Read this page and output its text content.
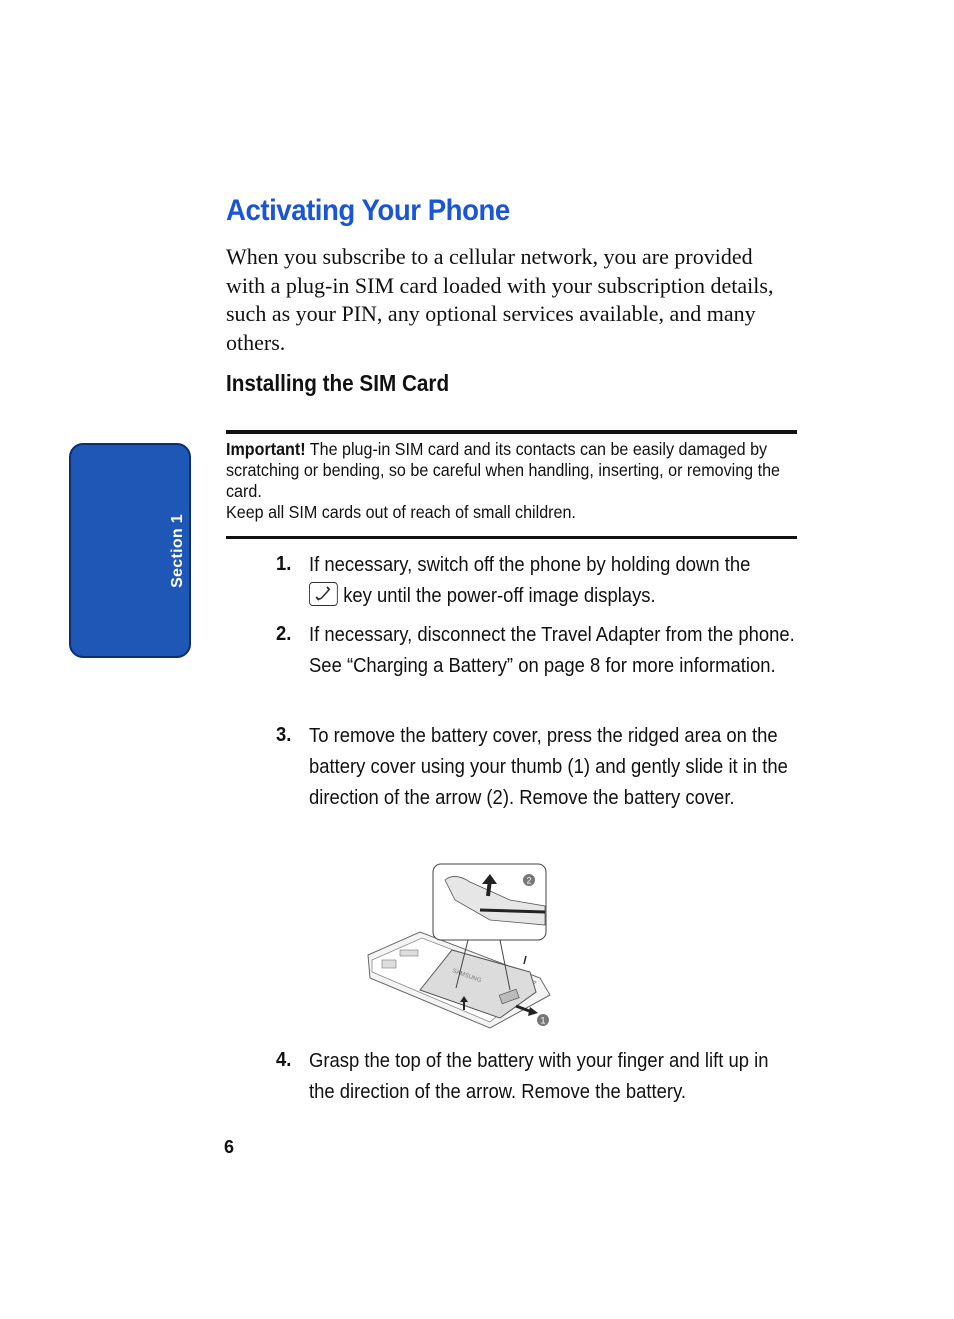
Section 1
Activating Your Phone

When you subscribe to a cellular network, you are provided with a plug-in SIM card loaded with your subscription details, such as your PIN, any optional services available, and many others.

Installing the SIM Card

Important! The plug-in SIM card and its contacts can be easily damaged by scratching or bending, so be careful when handling, inserting, or removing the card.

Keep all SIM cards out of reach of small children.

1. If necessary, switch off the phone by holding down the

key until the power-off image displays.

2. If necessary, disconnect the Travel Adapter from the phone. See “Charging a Battery” on page 8 for more information.

3. To remove the battery cover, press the ridged area on the battery cover using your thumb (1) and gently slide it in the direction of the arrow (2). Remove the battery cover.

4. Grasp the top of the battery with your finger and lift up in the direction of the arrow. Remove the battery.

SAMSUNG
2
1

6
